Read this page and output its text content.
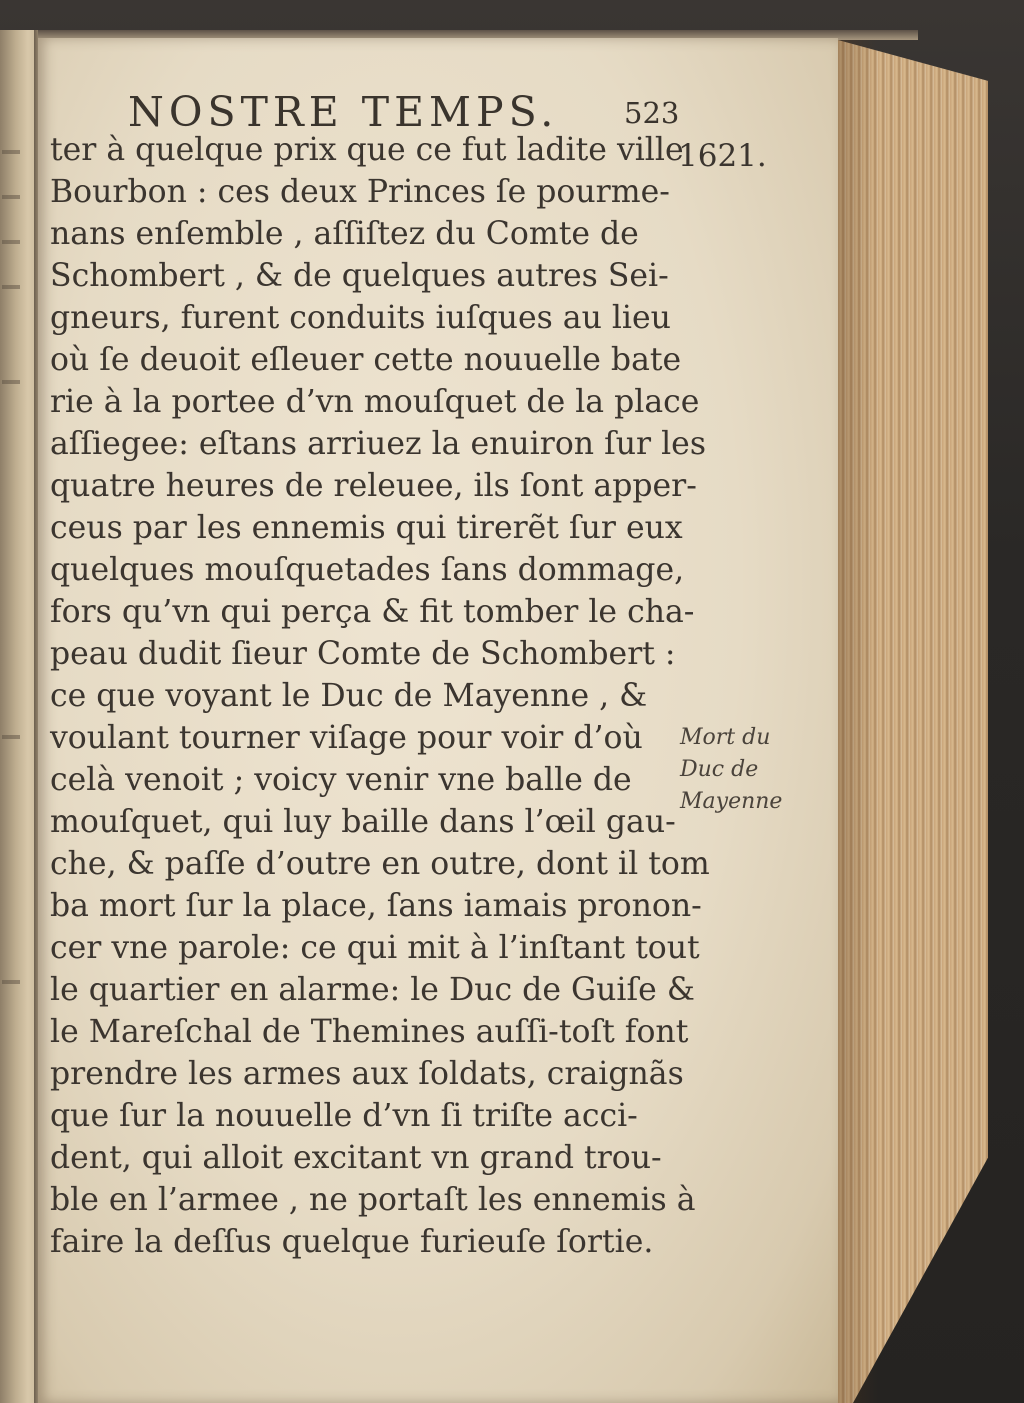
NOSTRE TEMPS. 523
1621.
Mort du
Duc de
Mayenne
ter à quelque prix que ce fut ladite ville
Bourbon : ces deux Princes ſe pourme-
nans enſemble , aſſiſtez du Comte de
Schombert , & de quelques autres Sei-
gneurs, furent conduits iuſques au lieu
où ſe deuoit eſleuer cette nouuelle bate
rie à la portee d’vn mouſquet de la place
aſſiegee: eſtans arriuez la enuiron ſur les
quatre heures de releuee, ils ſont apper-
ceus par les ennemis qui tirerẽt ſur eux
quelques mouſquetades ſans dommage,
fors qu’vn qui perça & fit tomber le cha-
peau dudit ſieur Comte de Schombert :
ce que voyant le Duc de Mayenne , &
voulant tourner viſage pour voir d’où
celà venoit ; voicy venir vne balle de
mouſquet, qui luy baille dans l’œil gau-
che, & paſſe d’outre en outre, dont il tom
ba mort ſur la place, ſans iamais pronon-
cer vne parole: ce qui mit à l’inſtant tout
le quartier en alarme: le Duc de Guiſe &
le Mareſchal de Themines auſſi-toſt font
prendre les armes aux ſoldats, craignãs
que ſur la nouuelle d’vn ſi triſte acci-
dent, qui alloit excitant vn grand trou-
ble en l’armee , ne portaſt les ennemis à
faire la deſſus quelque furieuſe ſortie.
